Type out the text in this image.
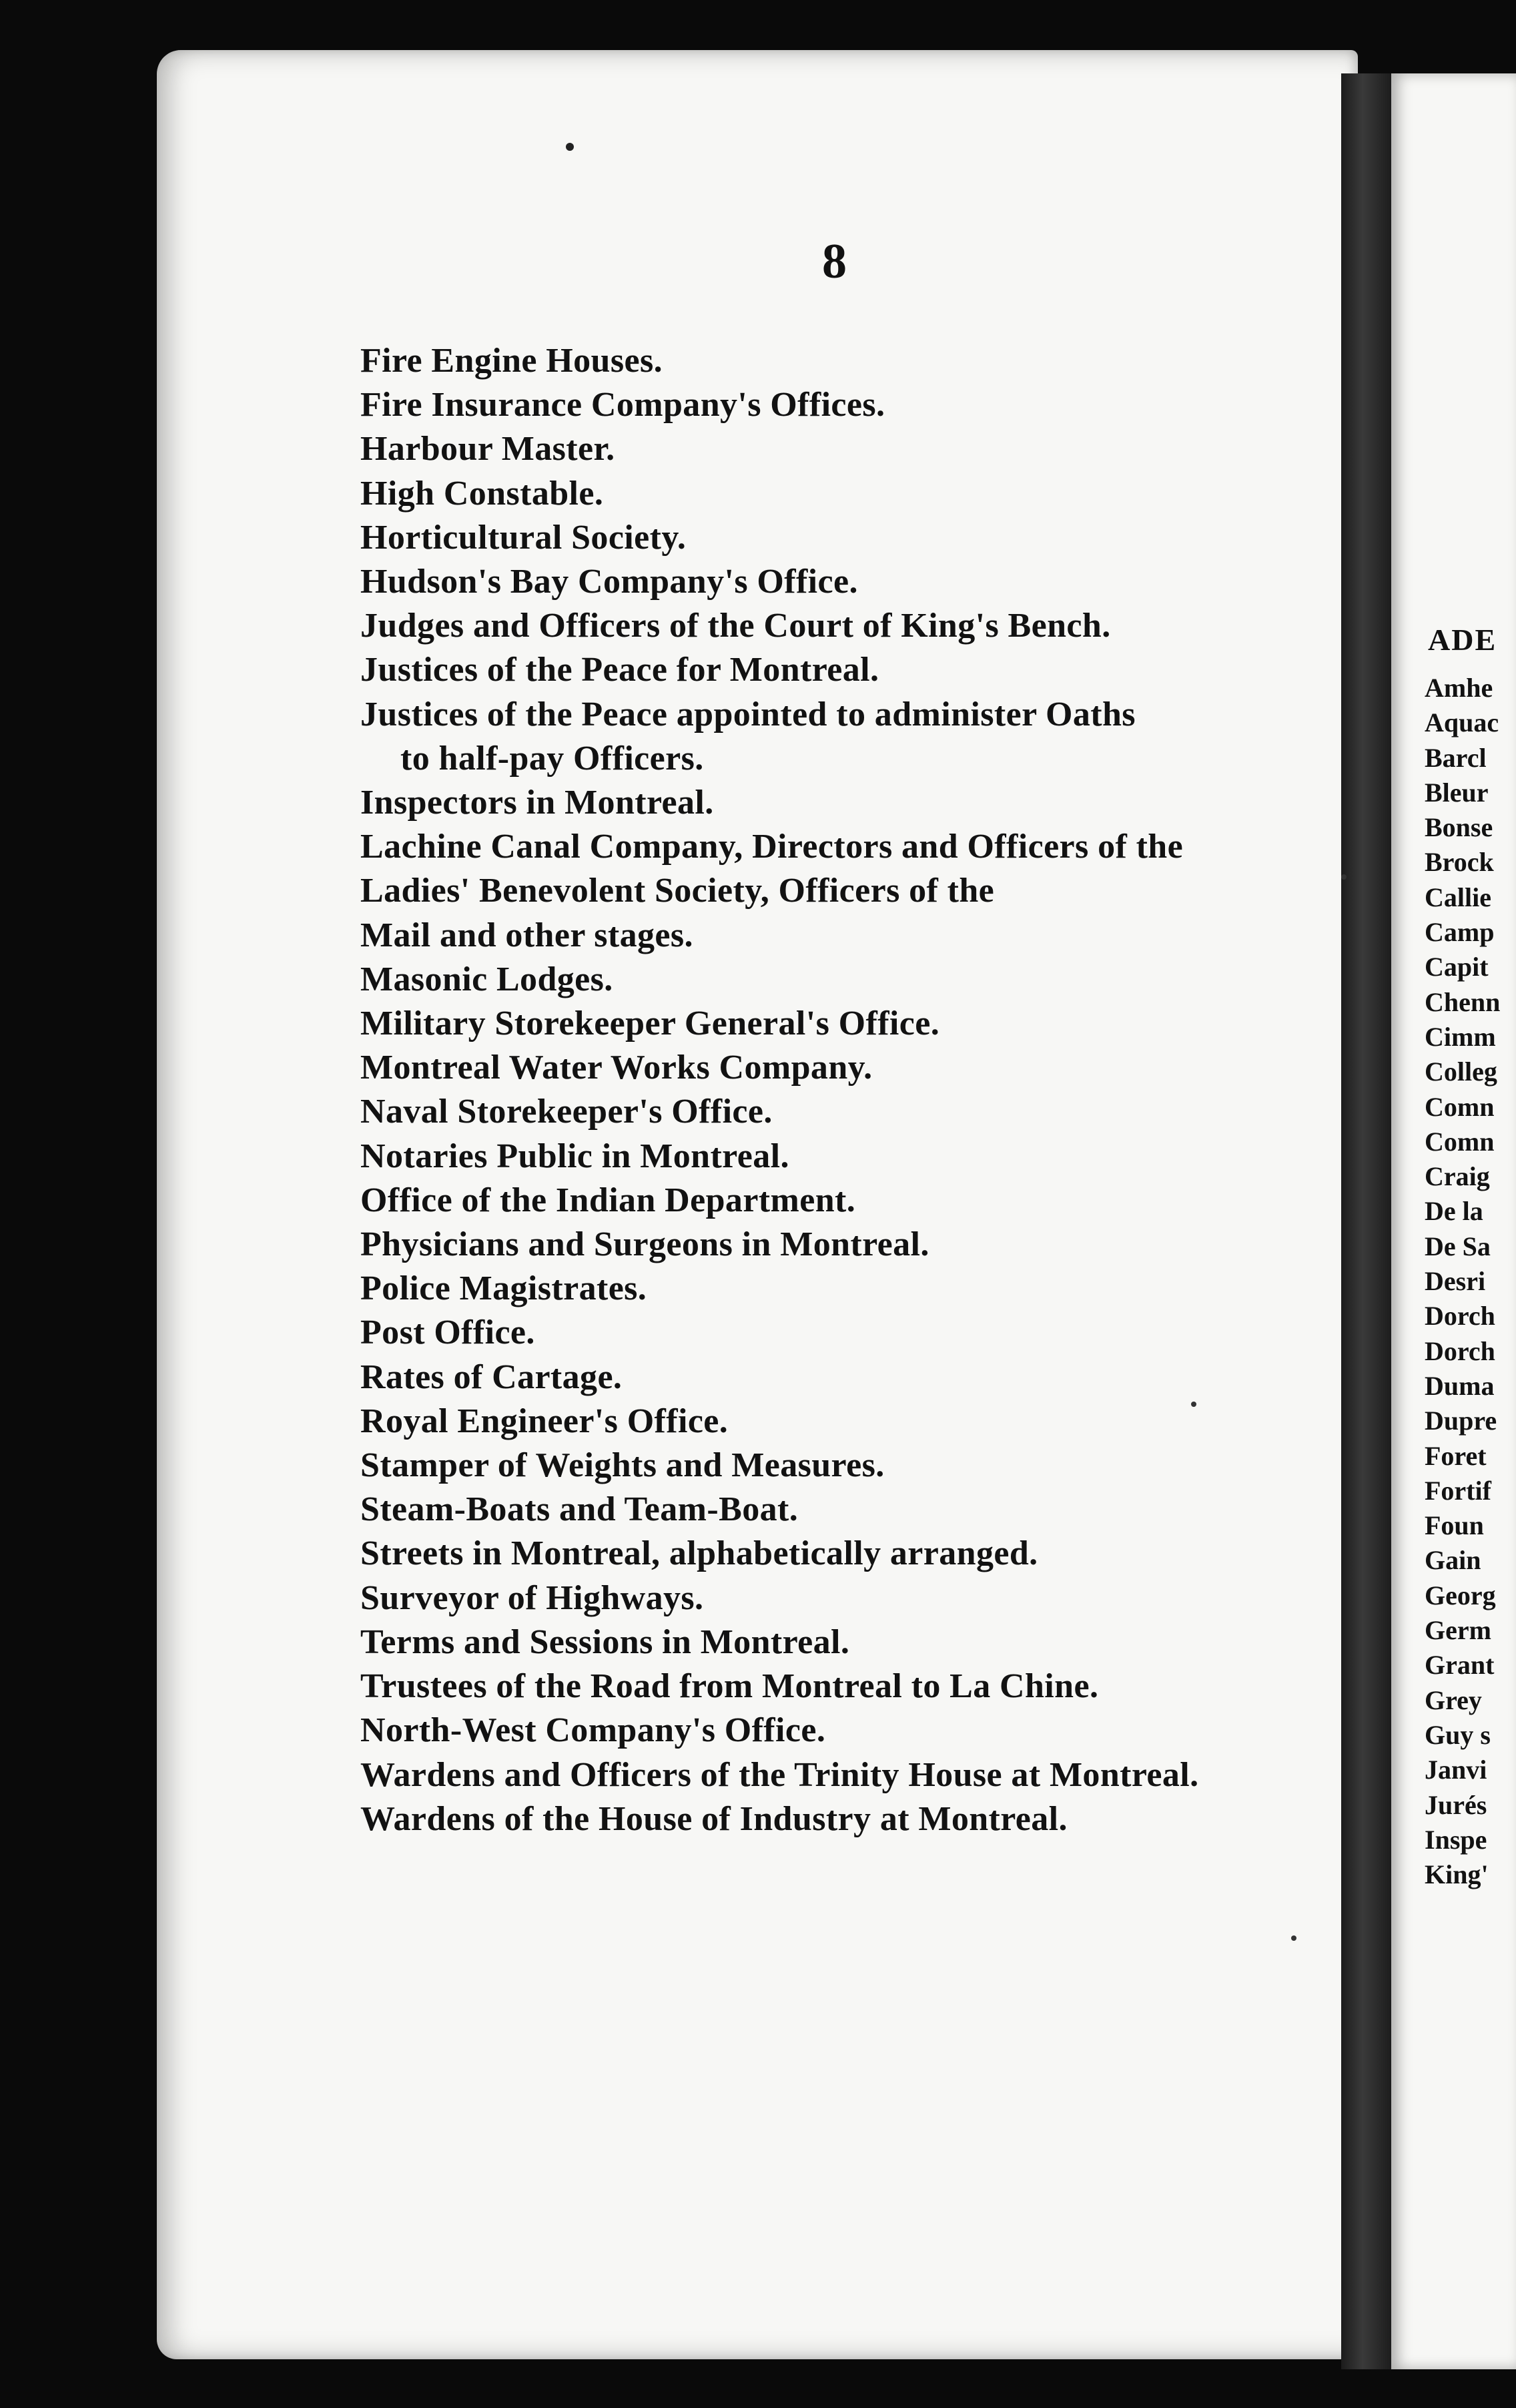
8
Fire Engine Houses.
Fire Insurance Company's Offices.
Harbour Master.
High Constable.
Horticultural Society.
Hudson's Bay Company's Office.
Judges and Officers of the Court of King's Bench.
Justices of the Peace for Montreal.
Justices of the Peace appointed to administer Oaths
to half-pay Officers.
Inspectors in Montreal.
Lachine Canal Company, Directors and Officers of the
Ladies' Benevolent Society, Officers of the
Mail and other stages.
Masonic Lodges.
Military Storekeeper General's Office.
Montreal Water Works Company.
Naval Storekeeper's Office.
Notaries Public in Montreal.
Office of the Indian Department.
Physicians and Surgeons in Montreal.
Police Magistrates.
Post Office.
Rates of Cartage.
Royal Engineer's Office.
Stamper of Weights and Measures.
Steam-Boats and Team-Boat.
Streets in Montreal, alphabetically arranged.
Surveyor of Highways.
Terms and Sessions in Montreal.
Trustees of the Road from Montreal to La Chine.
North-West Company's Office.
Wardens and Officers of the Trinity House at Montreal.
Wardens of the House of Industry at Montreal.
ADE
Amhe
Aquac
Barcl
Bleur
Bonse
Brock
Callie
Camp
Capit
Chenn
Cimm
Colleg
Comn
Comn
Craig
De la
De Sa
Desri
Dorch
Dorch
Duma
Dupre
Foret
Fortif
Foun
Gain
Georg
Germ
Grant
Grey
Guy s
Janvi
Jurés
Inspe
King'
